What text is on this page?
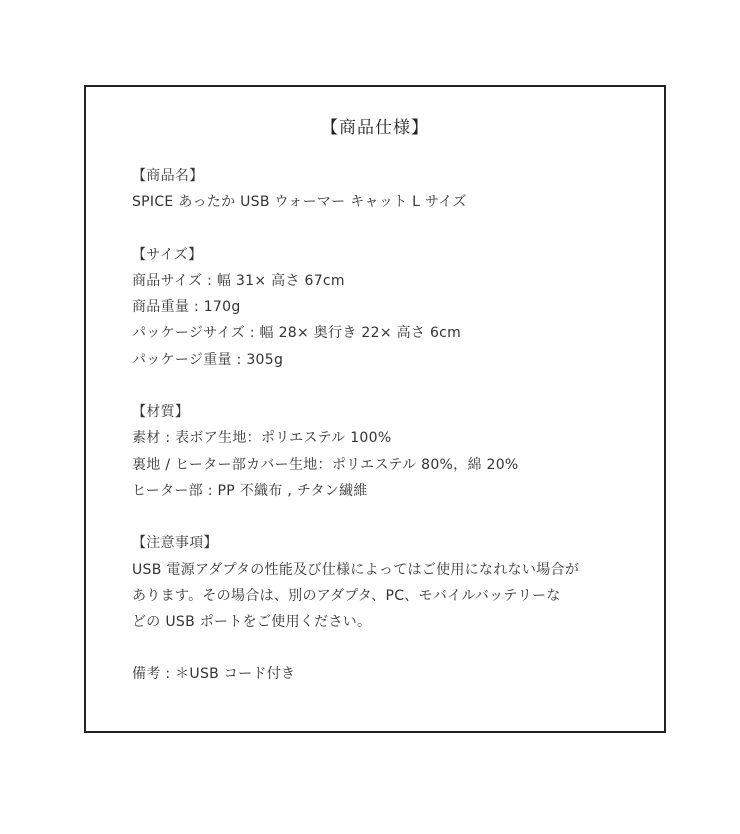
【商品仕様】

【商品名】

SPICE あったか USB ウォーマー キャット L サイズ

【サイズ】

商品サイズ : 幅 31× 高さ 67cm

商品重量 : 170g

パッケージサイズ : 幅 28× 奥行き 22× 高さ 6cm

パッケージ重量 : 305g

【材質】

素材 : 表ボア生地：ポリエステル 100%

裏地 / ヒーター部カバー生地：ポリエステル 80%，綿 20%

ヒーター部 : PP 不織布 , チタン繊維

【注意事項】

USB 電源アダプタの性能及び仕様によってはご使用になれない場合が

あります。その場合は、別のアダプタ、PC、モバイルバッテリーな

どの USB ポートをご使用ください。

備考 : ＊USB コード付き
